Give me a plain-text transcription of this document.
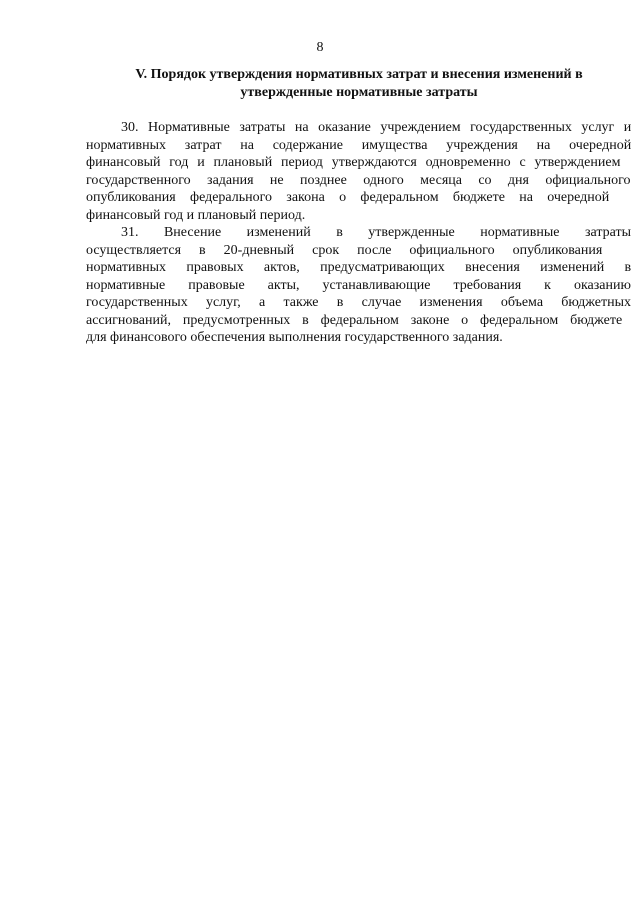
8
V. Порядок утверждения нормативных затрат и внесения изменений в
утвержденные нормативные затраты
30. Нормативные затраты на оказание учреждением государственных услуг и
нормативных затрат на содержание имущества учреждения на очередной
финансовый год и плановый период утверждаются одновременно с утверждением
государственного задания не позднее одного месяца со дня официального
опубликования федерального закона о федеральном бюджете на очередной
финансовый год и плановый период.
31. Внесение изменений в утвержденные нормативные затраты
осуществляется в 20-дневный срок после официального опубликования
нормативных правовых актов, предусматривающих внесения изменений в
нормативные правовые акты, устанавливающие требования к оказанию
государственных услуг, а также в случае изменения объема бюджетных
ассигнований, предусмотренных в федеральном законе о федеральном бюджете
для финансового обеспечения выполнения государственного задания.
